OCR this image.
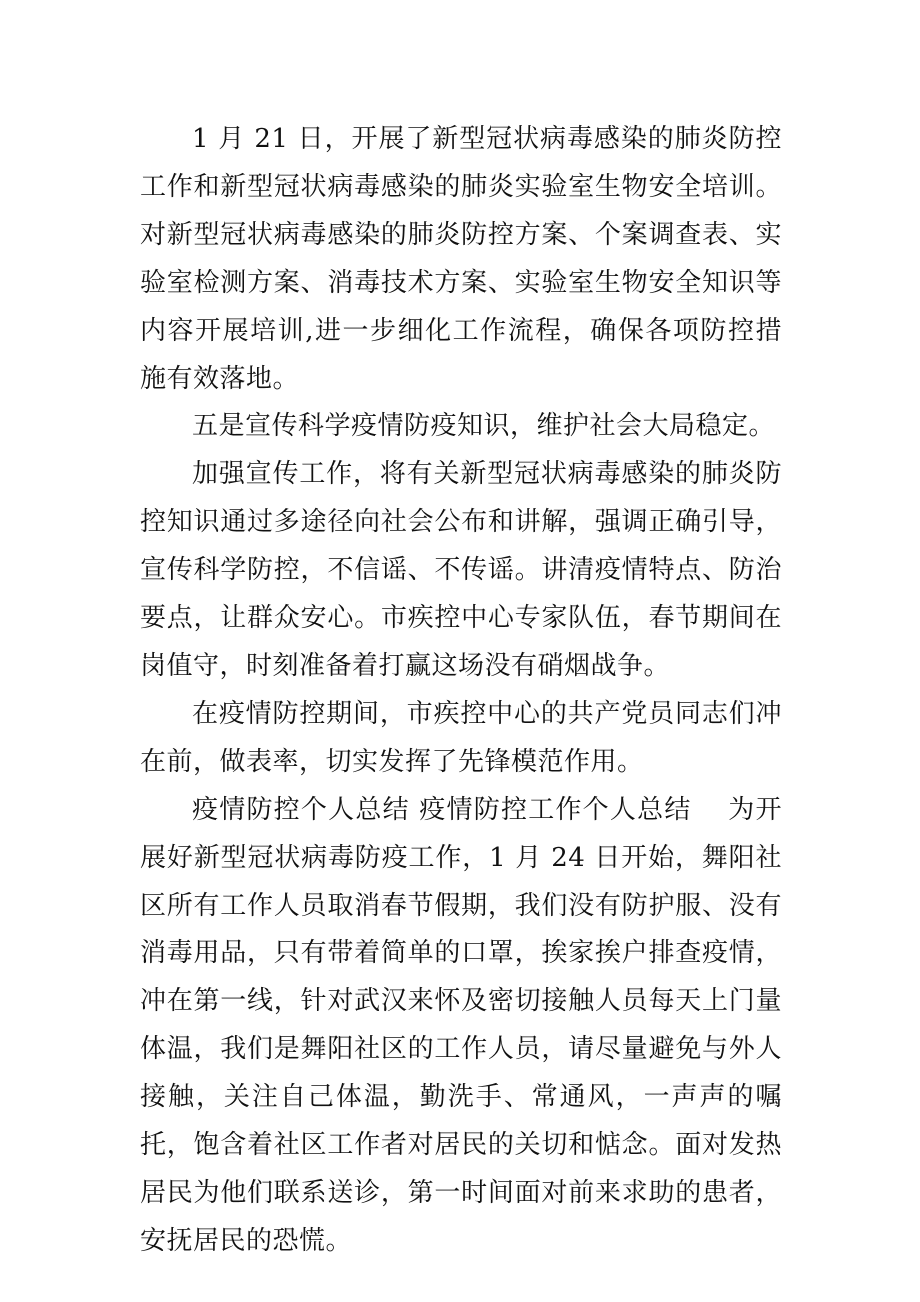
1 月 21 日，开展了新型冠状病毒感染的肺炎防控工作和新型冠状病毒感染的肺炎实验室生物安全培训。对新型冠状病毒感染的肺炎防控方案、个案调查表、实验室检测方案、消毒技术方案、实验室生物安全知识等内容开展培训,进一步细化工作流程，确保各项防控措施有效落地。

五是宣传科学疫情防疫知识，维护社会大局稳定。

加强宣传工作，将有关新型冠状病毒感染的肺炎防控知识通过多途径向社会公布和讲解，强调正确引导，宣传科学防控，不信谣、不传谣。讲清疫情特点、防治要点，让群众安心。市疾控中心专家队伍，春节期间在岗值守，时刻准备着打赢这场没有硝烟战争。

在疫情防控期间，市疾控中心的共产党员同志们冲在前，做表率，切实发挥了先锋模范作用。

疫情防控个人总结 疫情防控工作个人总结　 为开展好新型冠状病毒防疫工作，1 月 24 日开始，舞阳社区所有工作人员取消春节假期，我们没有防护服、没有消毒用品，只有带着简单的口罩，挨家挨户排查疫情，冲在第一线，针对武汉来怀及密切接触人员每天上门量体温，我们是舞阳社区的工作人员，请尽量避免与外人接触，关注自己体温，勤洗手、常通风，一声声的嘱托，饱含着社区工作者对居民的关切和惦念。面对发热居民为他们联系送诊，第一时间面对前来求助的患者，安抚居民的恐慌。
